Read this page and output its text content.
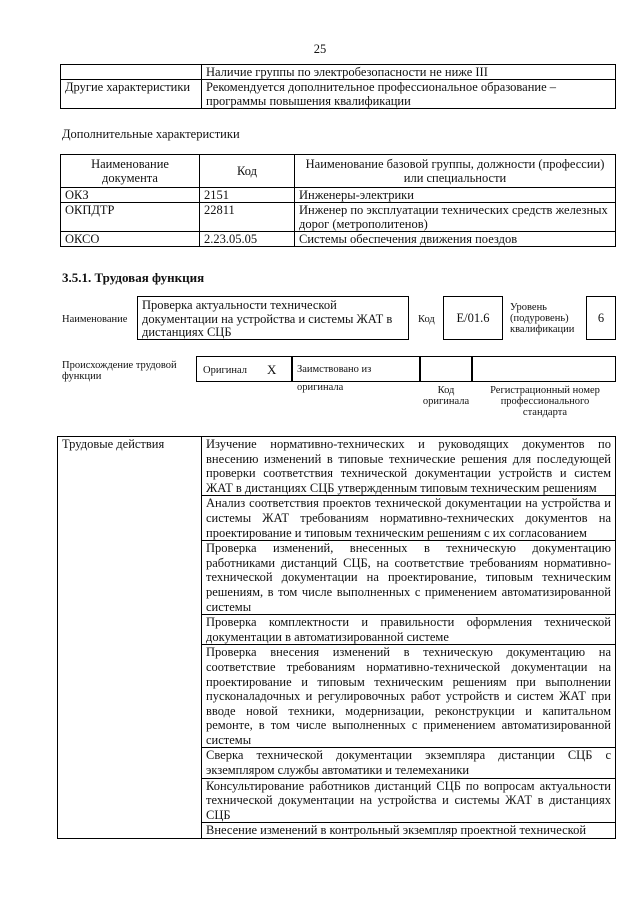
25
	Наличие группы по электробезопасности не ниже III
Другие характеристики	Рекомендуется дополнительное профессиональное образование – программы повышения квалификации
Дополнительные характеристики
Наименование документа	Код	Наименование базовой группы, должности (профессии) или специальности
ОКЗ	2151	Инженеры-электрики
ОКПДТР	22811	Инженер по эксплуатации технических средств железных дорог (метрополитенов)
ОКСО	2.23.05.05	Системы обеспечения движения поездов
3.5.1. Трудовая функция
Наименование
Проверка актуальности технической документации на устройства и системы ЖАТ в дистанциях СЦБ
Код	E/01.6
Уровень (подуровень) квалификации
6
Происхождение трудовой функции
Оригинал X	Заимствовано из оригинала	Код оригинала
Регистрационный номер профессионального стандарта
Трудовые действия	Изучение нормативно-технических и руководящих документов по внесению изменений в типовые технические решения для последующей проверки соответствия технической документации устройств и систем ЖАТ в дистанциях СЦБ утвержденным типовым техническим решениям
Анализ соответствия проектов технической документации на устройства и системы ЖАТ требованиям нормативно-технических документов на проектирование и типовым техническим решениям с их согласованием
Проверка изменений, внесенных в техническую документацию работниками дистанций СЦБ, на соответствие требованиям нормативно-технической документации на проектирование, типовым техническим решениям, в том числе выполненных с применением автоматизированной системы
Проверка комплектности и правильности оформления технической документации в автоматизированной системе
Проверка внесения изменений в техническую документацию на соответствие требованиям нормативно-технической документации на проектирование и типовым техническим решениям при выполнении пусконаладочных и регулировочных работ устройств и систем ЖАТ при вводе новой техники, модернизации, реконструкции и капитальном ремонте, в том числе выполненных с применением автоматизированной системы
Сверка технической документации экземпляра дистанции СЦБ с экземпляром службы автоматики и телемеханики
Консультирование работников дистанций СЦБ по вопросам актуальности технической документации на устройства и системы ЖАТ в дистанциях СЦБ
Внесение изменений в контрольный экземпляр проектной технической
